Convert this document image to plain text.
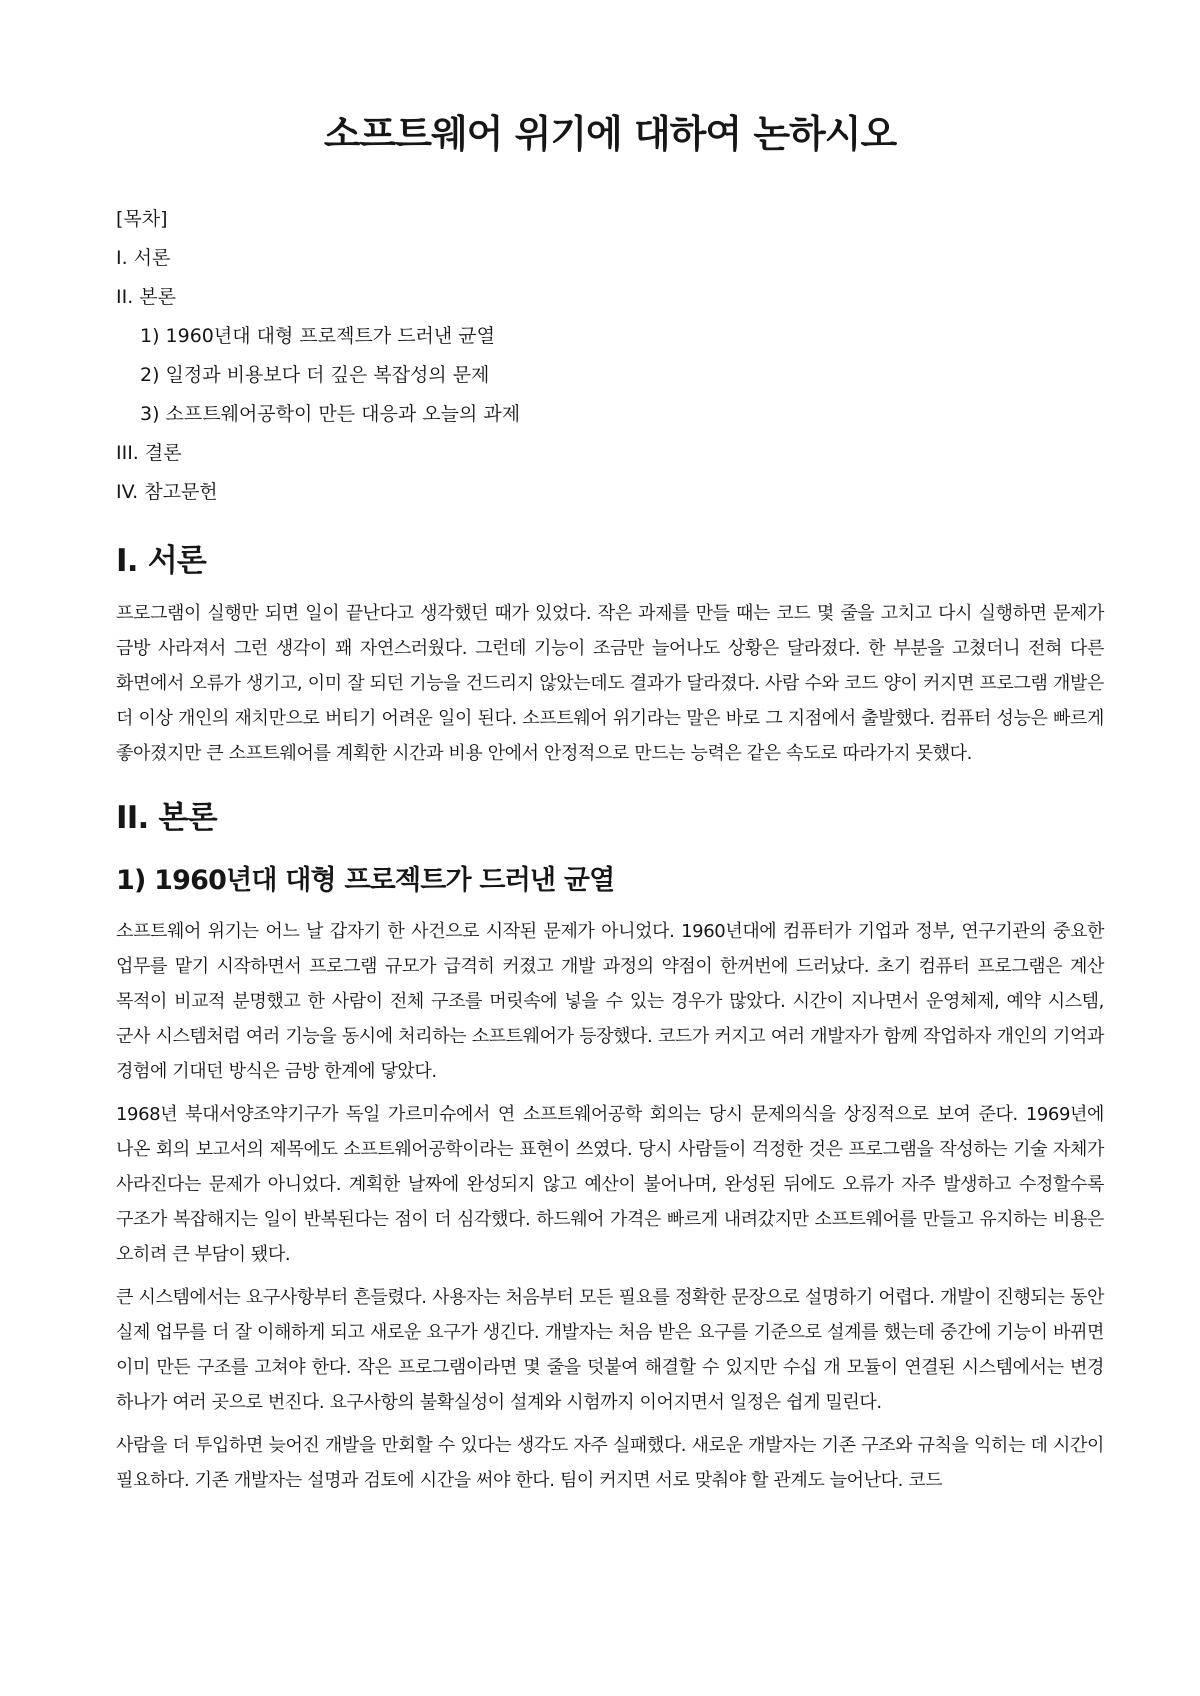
소프트웨어 위기에 대하여 논하시오

[목차]

I. 서론

II. 본론

1) 1960년대 대형 프로젝트가 드러낸 균열

2) 일정과 비용보다 더 깊은 복잡성의 문제

3) 소프트웨어공학이 만든 대응과 오늘의 과제

III. 결론

IV. 참고문헌

I. 서론

프로그램이 실행만 되면 일이 끝난다고 생각했던 때가 있었다. 작은 과제를 만들 때는 코드 몇 줄을 고치고 다시 실행하면 문제가 금방 사라져서 그런 생각이 꽤 자연스러웠다. 그런데 기능이 조금만 늘어나도 상황은 달라졌다. 한 부분을 고쳤더니 전혀 다른 화면에서 오류가 생기고, 이미 잘 되던 기능을 건드리지 않았는데도 결과가 달라졌다. 사람 수와 코드 양이 커지면 프로그램 개발은 더 이상 개인의 재치만으로 버티기 어려운 일이 된다. 소프트웨어 위기라는 말은 바로 그 지점에서 출발했다. 컴퓨터 성능은 빠르게 좋아졌지만 큰 소프트웨어를 계획한 시간과 비용 안에서 안정적으로 만드는 능력은 같은 속도로 따라가지 못했다.

II. 본론
1) 1960년대 대형 프로젝트가 드러낸 균열

소프트웨어 위기는 어느 날 갑자기 한 사건으로 시작된 문제가 아니었다. 1960년대에 컴퓨터가 기업과 정부, 연구기관의 중요한 업무를 맡기 시작하면서 프로그램 규모가 급격히 커졌고 개발 과정의 약점이 한꺼번에 드러났다. 초기 컴퓨터 프로그램은 계산 목적이 비교적 분명했고 한 사람이 전체 구조를 머릿속에 넣을 수 있는 경우가 많았다. 시간이 지나면서 운영체제, 예약 시스템, 군사 시스템처럼 여러 기능을 동시에 처리하는 소프트웨어가 등장했다. 코드가 커지고 여러 개발자가 함께 작업하자 개인의 기억과 경험에 기대던 방식은 금방 한계에 닿았다.

1968년 북대서양조약기구가 독일 가르미슈에서 연 소프트웨어공학 회의는 당시 문제의식을 상징적으로 보여 준다. 1969년에 나온 회의 보고서의 제목에도 소프트웨어공학이라는 표현이 쓰였다. 당시 사람들이 걱정한 것은 프로그램을 작성하는 기술 자체가 사라진다는 문제가 아니었다. 계획한 날짜에 완성되지 않고 예산이 불어나며, 완성된 뒤에도 오류가 자주 발생하고 수정할수록 구조가 복잡해지는 일이 반복된다는 점이 더 심각했다. 하드웨어 가격은 빠르게 내려갔지만 소프트웨어를 만들고 유지하는 비용은 오히려 큰 부담이 됐다.

큰 시스템에서는 요구사항부터 흔들렸다. 사용자는 처음부터 모든 필요를 정확한 문장으로 설명하기 어렵다. 개발이 진행되는 동안 실제 업무를 더 잘 이해하게 되고 새로운 요구가 생긴다. 개발자는 처음 받은 요구를 기준으로 설계를 했는데 중간에 기능이 바뀌면 이미 만든 구조를 고쳐야 한다. 작은 프로그램이라면 몇 줄을 덧붙여 해결할 수 있지만 수십 개 모듈이 연결된 시스템에서는 변경 하나가 여러 곳으로 번진다. 요구사항의 불확실성이 설계와 시험까지 이어지면서 일정은 쉽게 밀린다.

사람을 더 투입하면 늦어진 개발을 만회할 수 있다는 생각도 자주 실패했다. 새로운 개발자는 기존 구조와 규칙을 익히는 데 시간이 필요하다. 기존 개발자는 설명과 검토에 시간을 써야 한다. 팀이 커지면 서로 맞춰야 할 관계도 늘어난다. 코드
